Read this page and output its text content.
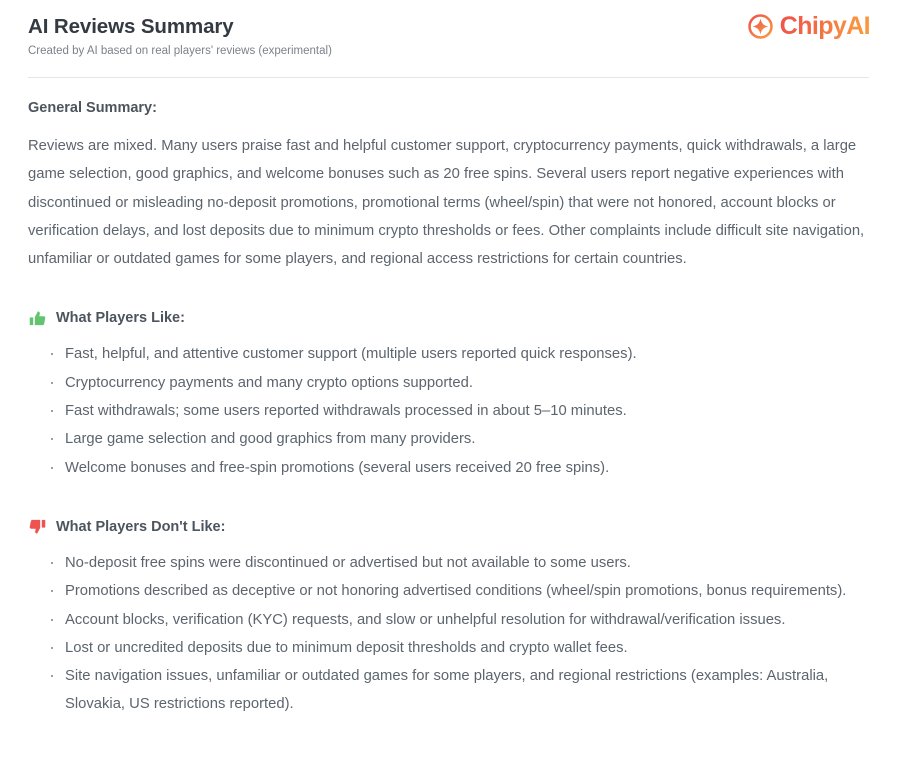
AI Reviews Summary

Created by AI based on real players' reviews (experimental)

ChipyAI
General Summary:

Reviews are mixed. Many users praise fast and helpful customer support, cryptocurrency payments, quick withdrawals, a large game selection, good graphics, and welcome bonuses such as 20 free spins. Several users report negative experiences with discontinued or misleading no-deposit promotions, promotional terms (wheel/spin) that were not honored, account blocks or verification delays, and lost deposits due to minimum crypto thresholds or fees. Other complaints include difficult site navigation, unfamiliar or outdated games for some players, and regional access restrictions for certain countries.

What Players Like:
· Fast, helpful, and attentive customer support (multiple users reported quick responses).
· Cryptocurrency payments and many crypto options supported.
· Fast withdrawals; some users reported withdrawals processed in about 5–10 minutes.
· Large game selection and good graphics from many providers.
· Welcome bonuses and free-spin promotions (several users received 20 free spins).
What Players Don't Like:
· No-deposit free spins were discontinued or advertised but not available to some users.
· Promotions described as deceptive or not honoring advertised conditions (wheel/spin promotions, bonus requirements).
· Account blocks, verification (KYC) requests, and slow or unhelpful resolution for withdrawal/verification issues.
· Lost or uncredited deposits due to minimum deposit thresholds and crypto wallet fees.
· Site navigation issues, unfamiliar or outdated games for some players, and regional restrictions (examples: Australia, Slovakia, US restrictions reported).
